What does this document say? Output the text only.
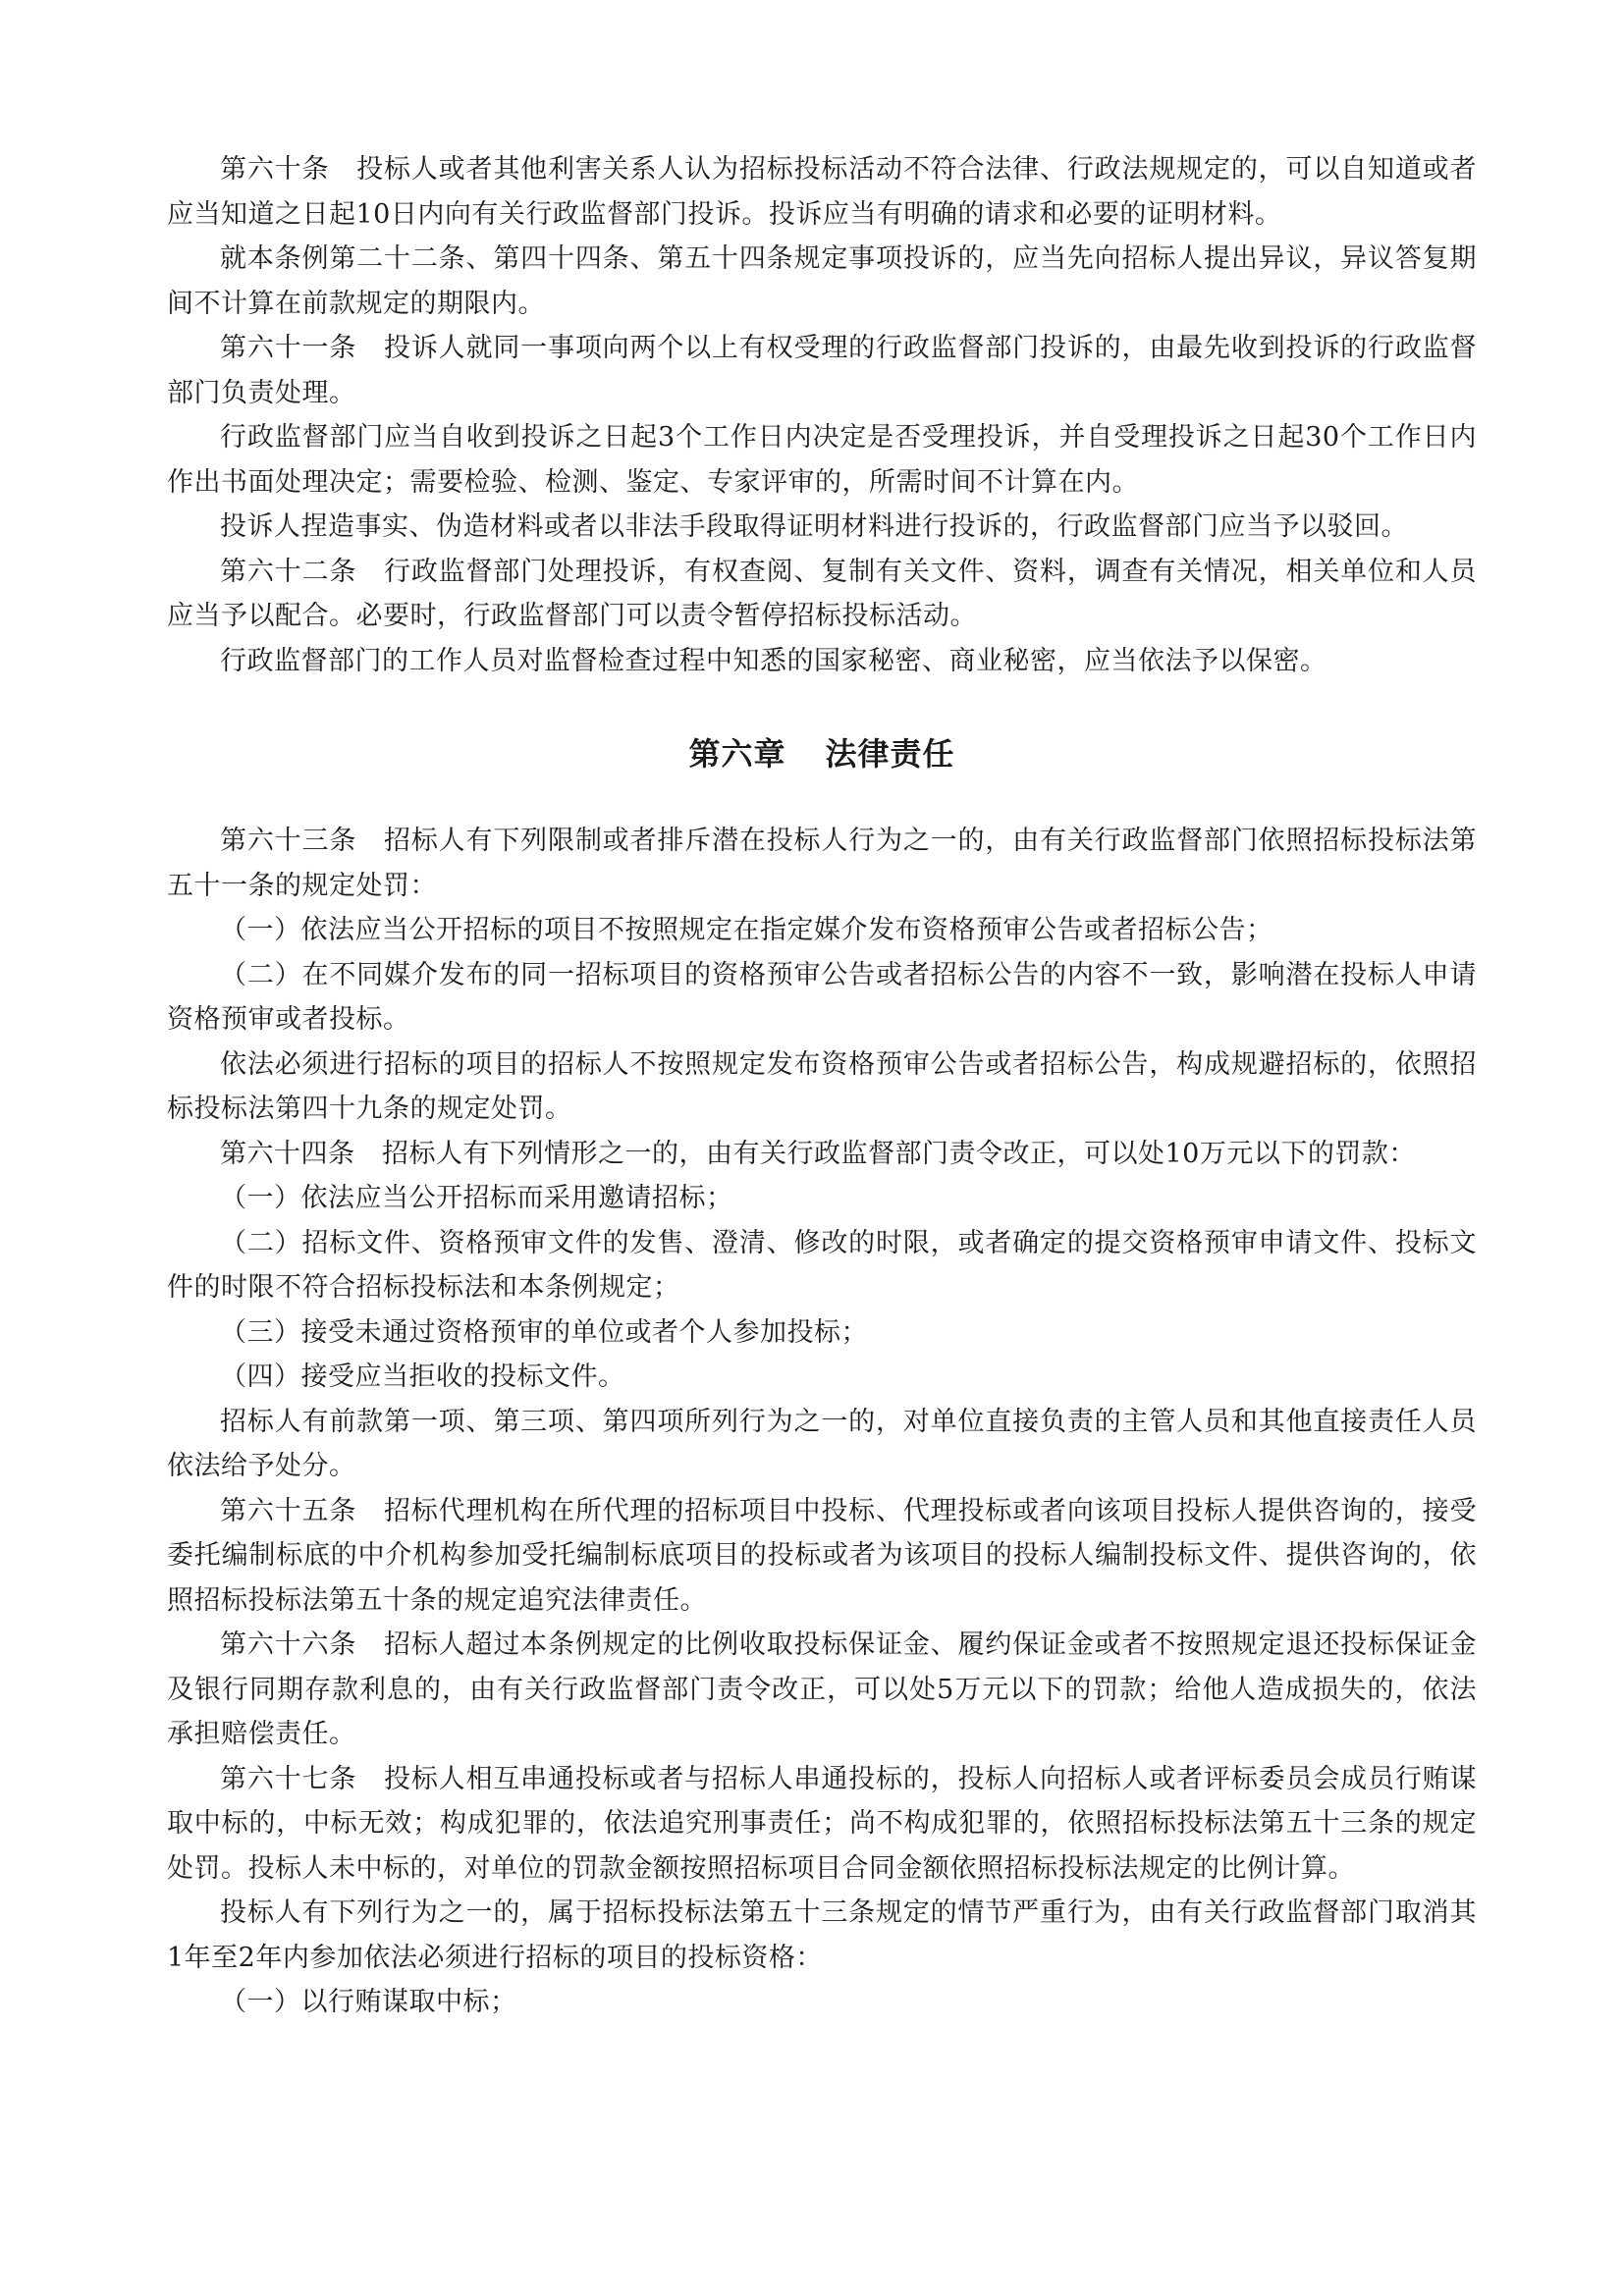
第六十条　投标人或者其他利害关系人认为招标投标活动不符合法律、行政法规规定的，可以自知道或者应当知道之日起10日内向有关行政监督部门投诉。投诉应当有明确的请求和必要的证明材料。

就本条例第二十二条、第四十四条、第五十四条规定事项投诉的，应当先向招标人提出异议，异议答复期间不计算在前款规定的期限内。

第六十一条　投诉人就同一事项向两个以上有权受理的行政监督部门投诉的，由最先收到投诉的行政监督部门负责处理。

行政监督部门应当自收到投诉之日起3个工作日内决定是否受理投诉，并自受理投诉之日起30个工作日内作出书面处理决定；需要检验、检测、鉴定、专家评审的，所需时间不计算在内。

投诉人捏造事实、伪造材料或者以非法手段取得证明材料进行投诉的，行政监督部门应当予以驳回。

第六十二条　行政监督部门处理投诉，有权查阅、复制有关文件、资料，调查有关情况，相关单位和人员应当予以配合。必要时，行政监督部门可以责令暂停招标投标活动。

行政监督部门的工作人员对监督检查过程中知悉的国家秘密、商业秘密，应当依法予以保密。

第六章 法律责任

第六十三条　招标人有下列限制或者排斥潜在投标人行为之一的，由有关行政监督部门依照招标投标法第五十一条的规定处罚：

（一）依法应当公开招标的项目不按照规定在指定媒介发布资格预审公告或者招标公告；

（二）在不同媒介发布的同一招标项目的资格预审公告或者招标公告的内容不一致，影响潜在投标人申请资格预审或者投标。

依法必须进行招标的项目的招标人不按照规定发布资格预审公告或者招标公告，构成规避招标的，依照招标投标法第四十九条的规定处罚。

第六十四条　招标人有下列情形之一的，由有关行政监督部门责令改正，可以处10万元以下的罚款：

（一）依法应当公开招标而采用邀请招标；

（二）招标文件、资格预审文件的发售、澄清、修改的时限，或者确定的提交资格预审申请文件、投标文件的时限不符合招标投标法和本条例规定；

（三）接受未通过资格预审的单位或者个人参加投标；

（四）接受应当拒收的投标文件。

招标人有前款第一项、第三项、第四项所列行为之一的，对单位直接负责的主管人员和其他直接责任人员依法给予处分。

第六十五条　招标代理机构在所代理的招标项目中投标、代理投标或者向该项目投标人提供咨询的，接受委托编制标底的中介机构参加受托编制标底项目的投标或者为该项目的投标人编制投标文件、提供咨询的，依照招标投标法第五十条的规定追究法律责任。

第六十六条　招标人超过本条例规定的比例收取投标保证金、履约保证金或者不按照规定退还投标保证金及银行同期存款利息的，由有关行政监督部门责令改正，可以处5万元以下的罚款；给他人造成损失的，依法承担赔偿责任。

第六十七条　投标人相互串通投标或者与招标人串通投标的，投标人向招标人或者评标委员会成员行贿谋取中标的，中标无效；构成犯罪的，依法追究刑事责任；尚不构成犯罪的，依照招标投标法第五十三条的规定处罚。投标人未中标的，对单位的罚款金额按照招标项目合同金额依照招标投标法规定的比例计算。

投标人有下列行为之一的，属于招标投标法第五十三条规定的情节严重行为，由有关行政监督部门取消其1年至2年内参加依法必须进行招标的项目的投标资格：

（一）以行贿谋取中标；
